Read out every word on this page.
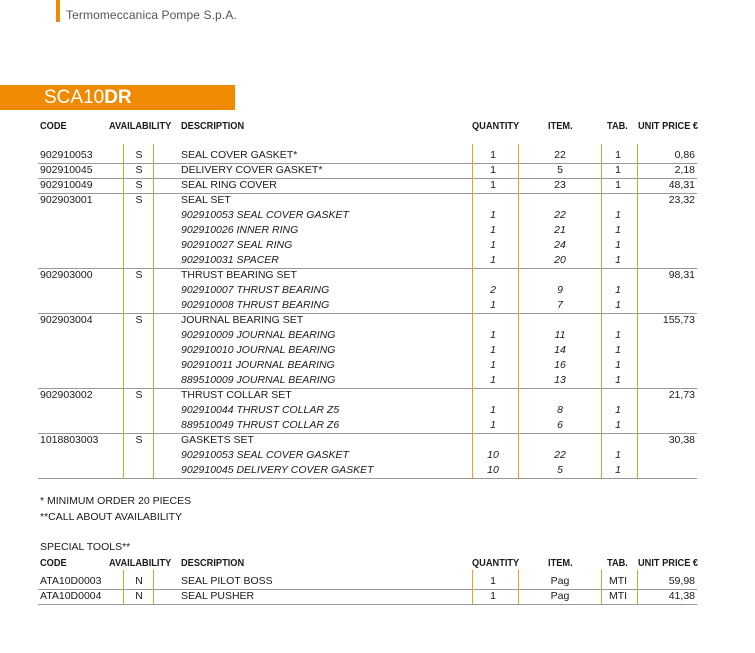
Termomeccanica Pompe S.p.A.
SCA10DR
CODE	AVAILABILITY DESCRIPTION	QUANTITY	ITEM.	TAB. UNIT PRICE €
902910053	S	SEAL COVER GASKET*	1	22	1	0,86
902910045	S	DELIVERY COVER GASKET*	1	5	1	2,18
902910049	S	SEAL RING COVER	1	23	1	48,31
902903001	S	SEAL SET	23,32
902910053 SEAL COVER GASKET	1	22	1
902910026 INNER RING	1	21	1
902910027 SEAL RING	1	24	1
902910031 SPACER	1	20	1
902903000	S	THRUST BEARING SET	98,31
902910007 THRUST BEARING	2	9	1
902910008 THRUST BEARING	1	7	1
902903004	S	JOURNAL BEARING SET	155,73
902910009 JOURNAL BEARING	1	11	1
902910010 JOURNAL BEARING	1	14	1
902910011 JOURNAL BEARING	1	16	1
889510009 JOURNAL BEARING	1	13	1
902903002	S	THRUST COLLAR SET	21,73
902910044 THRUST COLLAR Z5	1	8	1
889510049 THRUST COLLAR Z6	1	6	1
1018803003	S	GASKETS SET	30,38
902910053 SEAL COVER GASKET	10	22	1
902910045 DELIVERY COVER GASKET	10	5	1
* MINIMUM ORDER 20 PIECES
**CALL ABOUT AVAILABILITY
SPECIAL TOOLS**
CODE	AVAILABILITY DESCRIPTION	QUANTITY	ITEM.	TAB. UNIT PRICE €
ATA10D0003	N	SEAL PILOT BOSS	1	Pag	MTI	59,98
ATA10D0004	N	SEAL PUSHER	1	Pag	MTI	41,38
